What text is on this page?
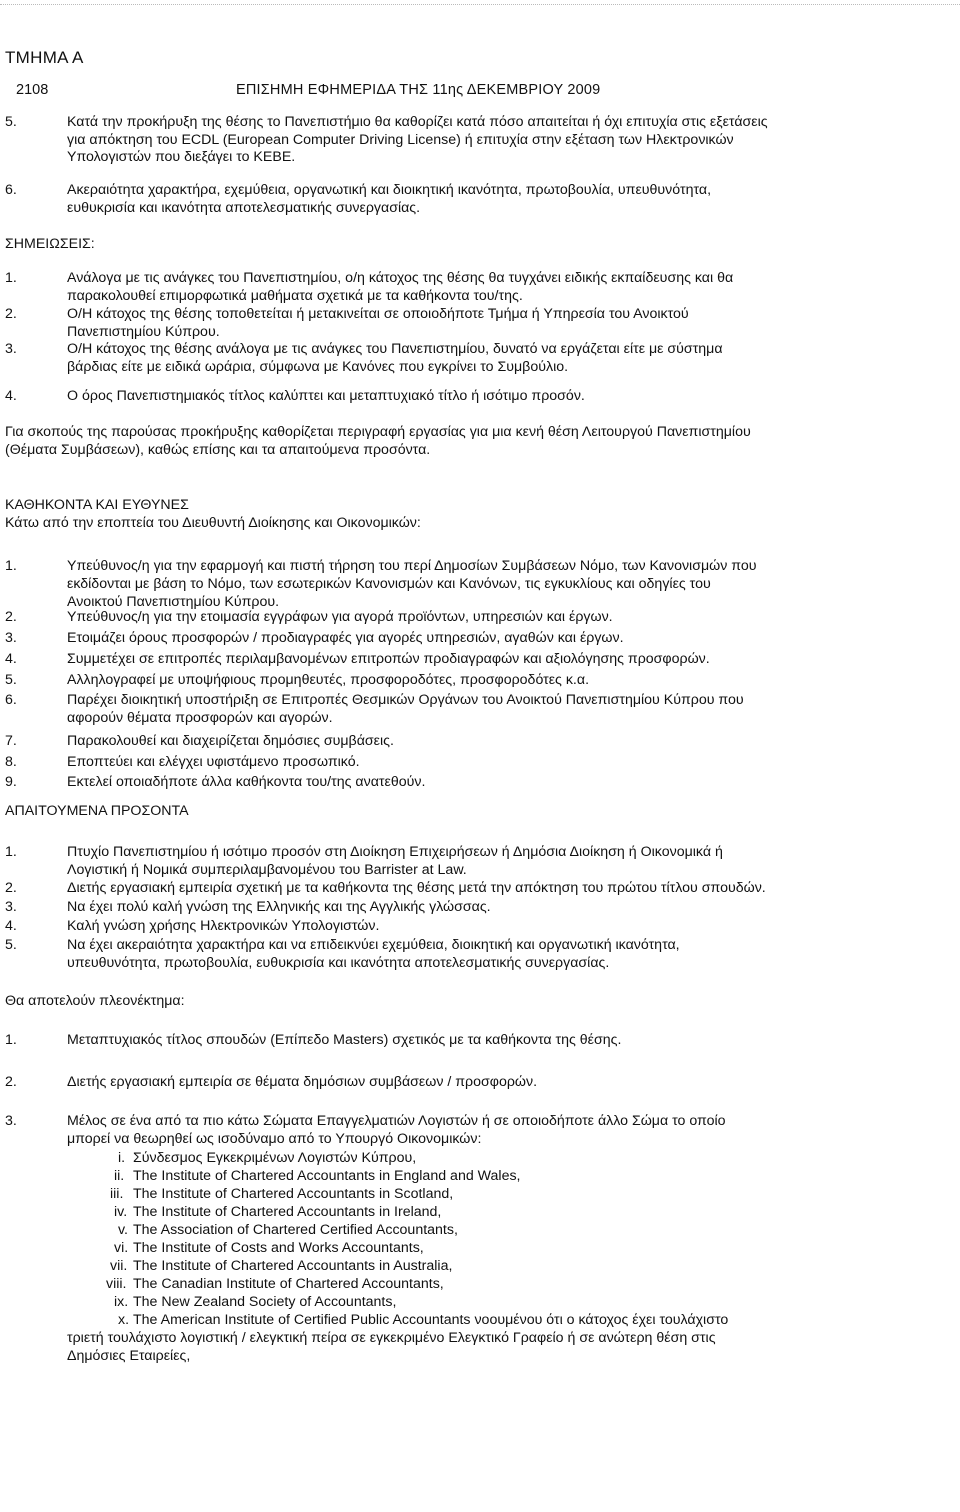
ΤΜΗΜΑ Α
2108	ΕΠΙΣΗΜΗ ΕΦΗΜΕΡΙΔΑ ΤΗΣ 11ης ΔΕΚΕΜΒΡΙΟΥ 2009
5.	Κατά την προκήρυξη της θέσης το Πανεπιστήμιο θα καθορίζει κατά πόσο απαιτείται ή όχι επιτυχία στις εξετάσεις
για απόκτηση του ECDL (European Computer Driving License) ή επιτυχία στην εξέταση των Ηλεκτρονικών
Υπολογιστών που διεξάγει το ΚΕΒΕ.
6.	Ακεραιότητα χαρακτήρα, εχεμύθεια, οργανωτική και διοικητική ικανότητα, πρωτοβουλία, υπευθυνότητα,
ευθυκρισία και ικανότητα αποτελεσματικής συνεργασίας.
ΣΗΜΕΙΩΣΕΙΣ:
1.	Ανάλογα με τις ανάγκες του Πανεπιστημίου, ο/η κάτοχος της θέσης θα τυγχάνει ειδικής εκπαίδευσης και θα
παρακολουθεί επιμορφωτικά μαθήματα σχετικά με τα καθήκοντα του/της.
2.	Ο/Η κάτοχος της θέσης τοποθετείται ή μετακινείται σε οποιοδήποτε Τμήμα ή Υπηρεσία του Ανοικτού
Πανεπιστημίου Κύπρου.
3.	Ο/Η κάτοχος της θέσης ανάλογα με τις ανάγκες του Πανεπιστημίου, δυνατό να εργάζεται είτε με σύστημα
βάρδιας είτε με ειδικά ωράρια, σύμφωνα με Κανόνες που εγκρίνει το Συμβούλιο.
4.	Ο όρος Πανεπιστημιακός τίτλος καλύπτει και μεταπτυχιακό τίτλο ή ισότιμο προσόν.
Για σκοπούς της παρούσας προκήρυξης καθορίζεται περιγραφή εργασίας για μια κενή θέση Λειτουργού Πανεπιστημίου
(Θέματα Συμβάσεων), καθώς επίσης και τα απαιτούμενα προσόντα.
ΚΑΘΗΚΟΝΤΑ ΚΑΙ ΕΥΘΥΝΕΣ
Κάτω από την εποπτεία του Διευθυντή Διοίκησης και Οικονομικών:
1.	Υπεύθυνος/η για την εφαρμογή και πιστή τήρηση του περί Δημοσίων Συμβάσεων Νόμο, των Κανονισμών που
εκδίδονται με βάση το Νόμο, των εσωτερικών Κανονισμών και Κανόνων, τις εγκυκλίους και οδηγίες του
Ανοικτού Πανεπιστημίου Κύπρου.
2.	Υπεύθυνος/η για την ετοιμασία εγγράφων για αγορά προϊόντων, υπηρεσιών και έργων.
3.	Ετοιμάζει όρους προσφορών / προδιαγραφές για αγορές υπηρεσιών, αγαθών και έργων.
4.	Συμμετέχει σε επιτροπές περιλαμβανομένων επιτροπών προδιαγραφών και αξιολόγησης προσφορών.
5.	Αλληλογραφεί με υποψήφιους προμηθευτές, προσφοροδότες, προσφοροδότες κ.α.
6.	Παρέχει διοικητική υποστήριξη σε Επιτροπές Θεσμικών Οργάνων του Ανοικτού Πανεπιστημίου Κύπρου που
αφορούν θέματα προσφορών και αγορών.
7.	Παρακολουθεί και διαχειρίζεται δημόσιες συμβάσεις.
8.	Εποπτεύει και ελέγχει υφιστάμενο προσωπικό.
9.	Εκτελεί οποιαδήποτε άλλα καθήκοντα του/της ανατεθούν.
ΑΠΑΙΤΟΥΜΕΝΑ ΠΡΟΣΟΝΤΑ
1.	Πτυχίο Πανεπιστημίου ή ισότιμο προσόν στη Διοίκηση Επιχειρήσεων ή Δημόσια Διοίκηση ή Οικονομικά ή
Λογιστική ή Νομικά συμπεριλαμβανομένου του Barrister at Law.
2.	Διετής εργασιακή εμπειρία σχετική με τα καθήκοντα της θέσης μετά την απόκτηση του πρώτου τίτλου σπουδών.
3.	Να έχει πολύ καλή γνώση της Ελληνικής και της Αγγλικής γλώσσας.
4.	Καλή γνώση χρήσης Ηλεκτρονικών Υπολογιστών.
5.	Να έχει ακεραιότητα χαρακτήρα και να επιδεικνύει εχεμύθεια, διοικητική και οργανωτική ικανότητα,
υπευθυνότητα, πρωτοβουλία, ευθυκρισία και ικανότητα αποτελεσματικής συνεργασίας.
Θα αποτελούν πλεονέκτημα:
1.	Μεταπτυχιακός τίτλος σπουδών (Επίπεδο Masters) σχετικός με τα καθήκοντα της θέσης.
2.	Διετής εργασιακή εμπειρία σε θέματα δημόσιων συμβάσεων / προσφορών.
3.	Μέλος σε ένα από τα πιο κάτω Σώματα Επαγγελματιών Λογιστών ή σε οποιοδήποτε άλλο Σώμα το οποίο
μπορεί να θεωρηθεί ως ισοδύναμο από το Υπουργό Οικονομικών:
i. Σύνδεσμος Εγκεκριμένων Λογιστών Κύπρου,
ii. The Institute of Chartered Accountants in England and Wales,
iii. The Institute of Chartered Accountants in Scotland,
iv. The Institute of Chartered Accountants in Ireland,
v. The Association of Chartered Certified Accountants,
vi. The Institute of Costs and Works Accountants,
vii. The Institute of Chartered Accountants in Australia,
viii. The Canadian Institute of Chartered Accountants,
ix. The New Zealand Society of Accountants,
x. The American Institute of Certified Public Accountants νοουμένου ότι ο κάτοχος έχει τουλάχιστο
τριετή τουλάχιστο λογιστική / ελεγκτική πείρα σε εγκεκριμένο Ελεγκτικό Γραφείο ή σε ανώτερη θέση στις
Δημόσιες Εταιρείες,
